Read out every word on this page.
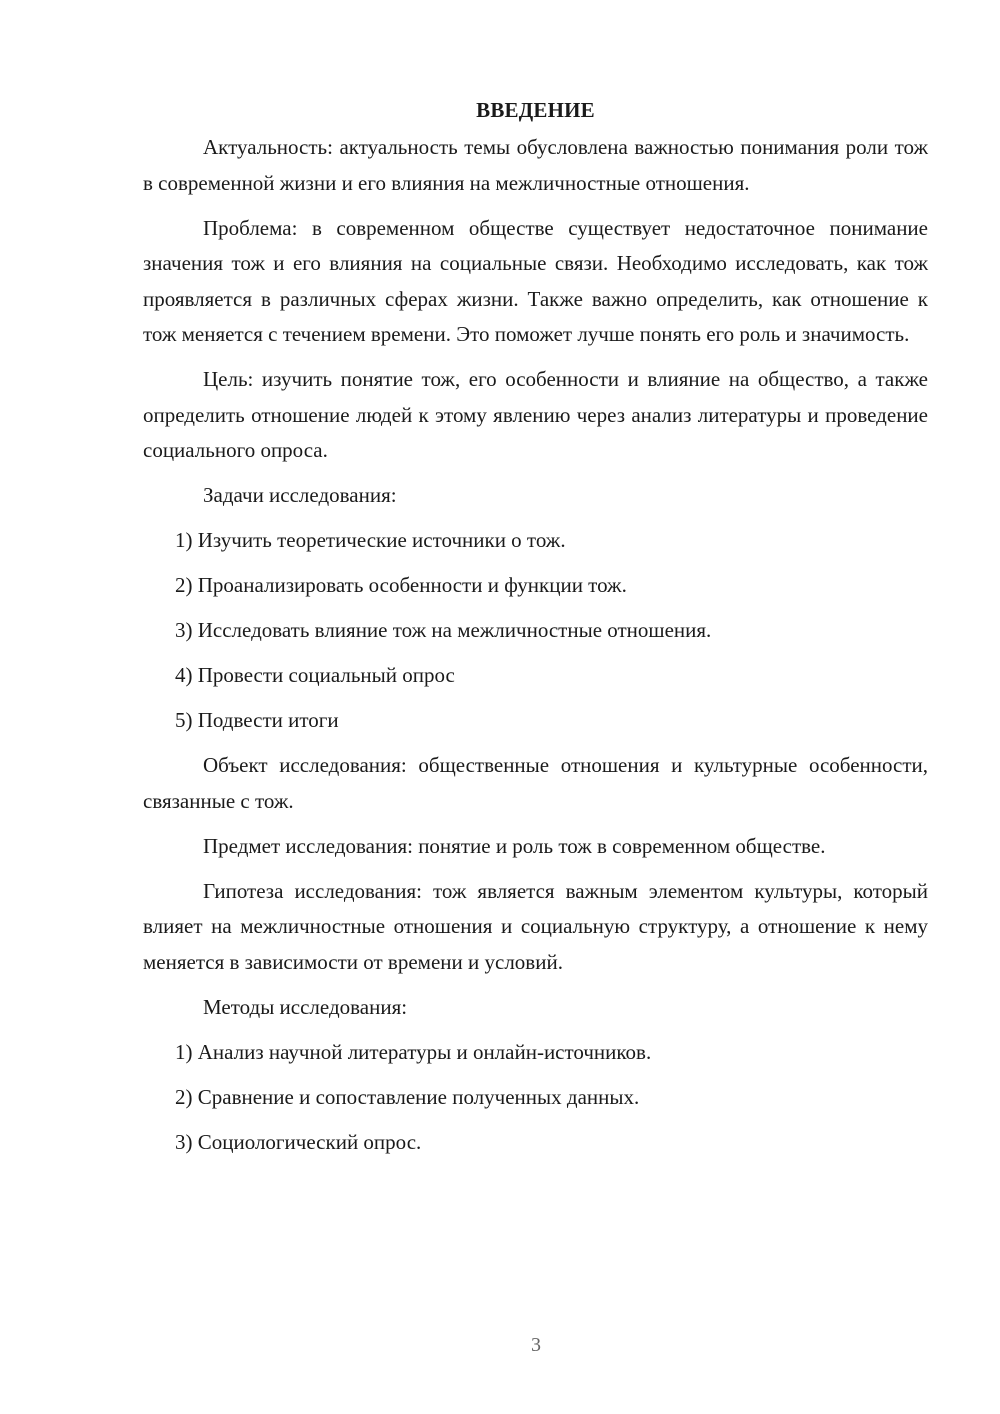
ВВЕДЕНИЕ

Актуальность: актуальность темы обусловлена важностью понимания роли тож в современной жизни и его влияния на межличностные отношения.

Проблема: в современном обществе существует недостаточное понимание значения тож и его влияния на социальные связи. Необходимо исследовать, как тож проявляется в различных сферах жизни. Также важно определить, как отношение к тож меняется с течением времени. Это поможет лучше понять его роль и значимость.

Цель: изучить понятие тож, его особенности и влияние на общество, а также определить отношение людей к этому явлению через анализ литературы и проведение социального опроса.

Задачи исследования:

1) Изучить теоретические источники о тож.
2) Проанализировать особенности и функции тож.
3) Исследовать влияние тож на межличностные отношения.
4) Провести социальный опрос
5) Подвести итоги

Объект исследования: общественные отношения и культурные особенности, связанные с тож.

Предмет исследования: понятие и роль тож в современном обществе.

Гипотеза исследования: тож является важным элементом культуры, который влияет на межличностные отношения и социальную структуру, а отношение к нему меняется в зависимости от времени и условий.

Методы исследования:

1) Анализ научной литературы и онлайн-источников.
2) Сравнение и сопоставление полученных данных.
3) Социологический опрос.
3
